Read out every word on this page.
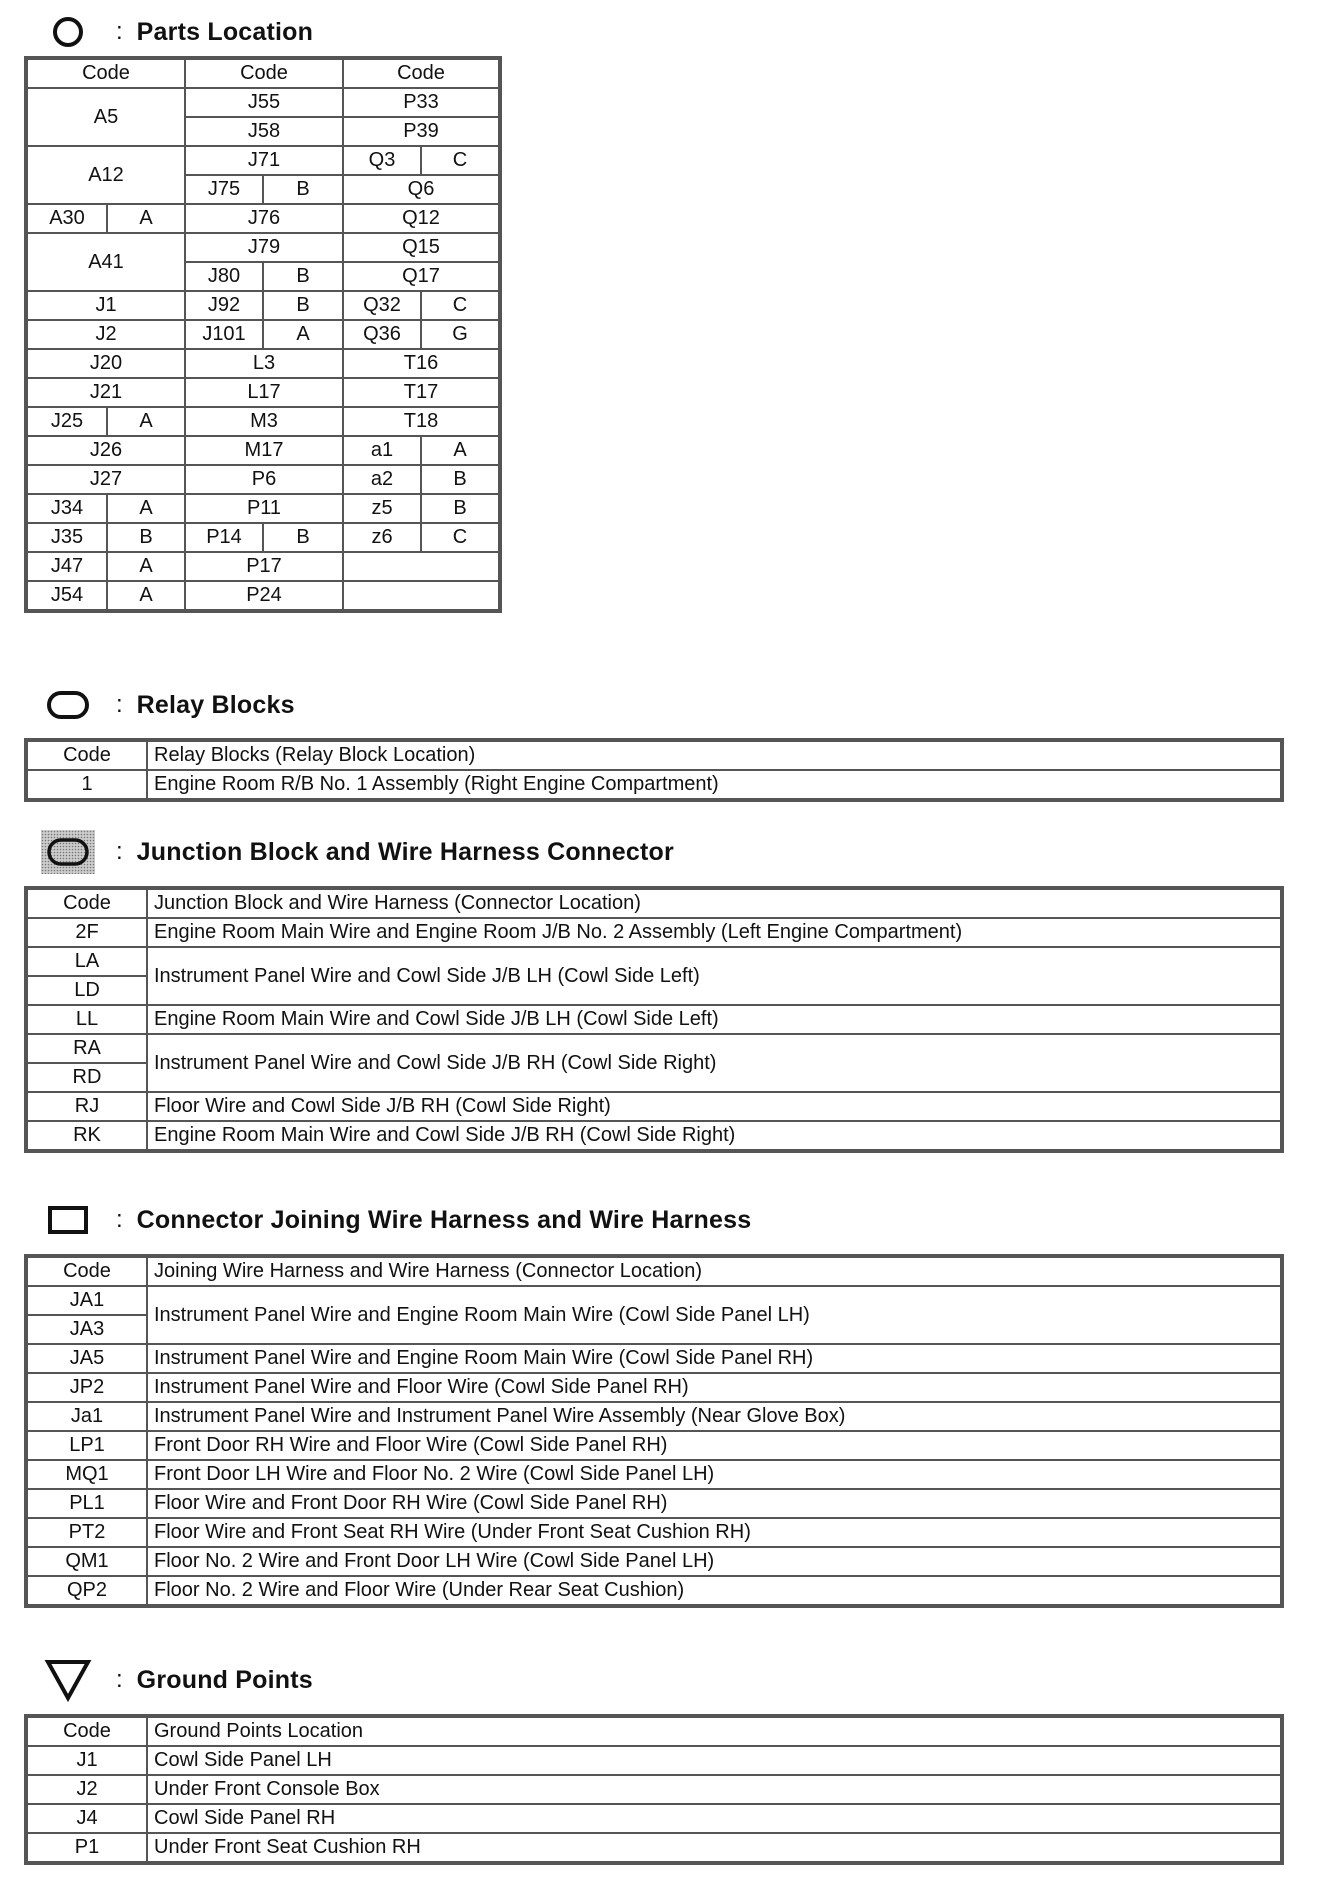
: Parts Location
Code		Code		Code	
A5		J55		P33	
		J58		P39	
A12		J71		Q3	C
		J75	B	Q6	
A30	A	J76		Q12	
A41		J79		Q15	
		J80	B	Q17	
J1		J92	B	Q32	C
J2		J101	A	Q36	G
J20		L3		T16	
J21		L17		T17	
J25	A	M3		T18	
J26		M17		a1	A
J27		P6		a2	B
J34	A	P11		z5	B
J35	B	P14	B	z6	C
J47	A	P17			
J54	A	P24			
: Relay Blocks
Code	Relay Blocks (Relay Block Location)
1	Engine Room R/B No. 1 Assembly (Right Engine Compartment)
: Junction Block and Wire Harness Connector
Code	Junction Block and Wire Harness (Connector Location)
2F	Engine Room Main Wire and Engine Room J/B No. 2 Assembly (Left Engine Compartment)
LA	Instrument Panel Wire and Cowl Side J/B LH (Cowl Side Left)
LD	
LL	Engine Room Main Wire and Cowl Side J/B LH (Cowl Side Left)
RA	Instrument Panel Wire and Cowl Side J/B RH (Cowl Side Right)
RD	
RJ	Floor Wire and Cowl Side J/B RH (Cowl Side Right)
RK	Engine Room Main Wire and Cowl Side J/B RH (Cowl Side Right)
: Connector Joining Wire Harness and Wire Harness
Code	Joining Wire Harness and Wire Harness (Connector Location)
JA1	Instrument Panel Wire and Engine Room Main Wire (Cowl Side Panel LH)
JA3	
JA5	Instrument Panel Wire and Engine Room Main Wire (Cowl Side Panel RH)
JP2	Instrument Panel Wire and Floor Wire (Cowl Side Panel RH)
Ja1	Instrument Panel Wire and Instrument Panel Wire Assembly (Near Glove Box)
LP1	Front Door RH Wire and Floor Wire (Cowl Side Panel RH)
MQ1	Front Door LH Wire and Floor No. 2 Wire (Cowl Side Panel LH)
PL1	Floor Wire and Front Door RH Wire (Cowl Side Panel RH)
PT2	Floor Wire and Front Seat RH Wire (Under Front Seat Cushion RH)
QM1	Floor No. 2 Wire and Front Door LH Wire (Cowl Side Panel LH)
QP2	Floor No. 2 Wire and Floor Wire (Under Rear Seat Cushion)
: Ground Points
Code	Ground Points Location
J1	Cowl Side Panel LH
J2	Under Front Console Box
J4	Cowl Side Panel RH
P1	Under Front Seat Cushion RH
